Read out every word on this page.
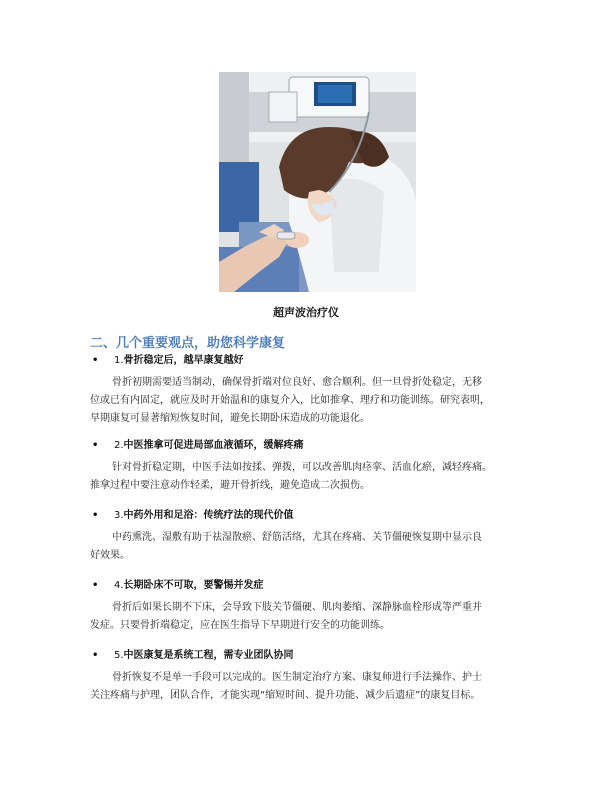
超声波治疗仪
二、几个重要观点，助您科学康复
• 1.骨折稳定后，越早康复越好
骨折初期需要适当制动，确保骨折端对位良好、愈合顺利。但一旦骨折处稳定，无移
位或已有内固定，就应及时开始温和的康复介入，比如推拿、理疗和功能训练。研究表明，
早期康复可显著缩短恢复时间，避免长期卧床造成的功能退化。
• 2.中医推拿可促进局部血液循环，缓解疼痛
针对骨折稳定期，中医手法如按揉、弹拨，可以改善肌肉痉挛、活血化瘀，减轻疼痛。
推拿过程中要注意动作轻柔，避开骨折线，避免造成二次损伤。
• 3.中药外用和足浴：传统疗法的现代价值
中药熏洗、湿敷有助于祛湿散瘀、舒筋活络，尤其在疼痛、关节僵硬恢复期中显示良
好效果。
• 4.长期卧床不可取，要警惕并发症
骨折后如果长期不下床，会导致下肢关节僵硬、肌肉萎缩、深静脉血栓形成等严重并
发症。只要骨折端稳定，应在医生指导下早期进行安全的功能训练。
• 5.中医康复是系统工程，需专业团队协同
骨折恢复不是单一手段可以完成的。医生制定治疗方案、康复师进行手法操作、护士
关注疼痛与护理，团队合作，才能实现“缩短时间、提升功能、减少后遗症”的康复目标。
